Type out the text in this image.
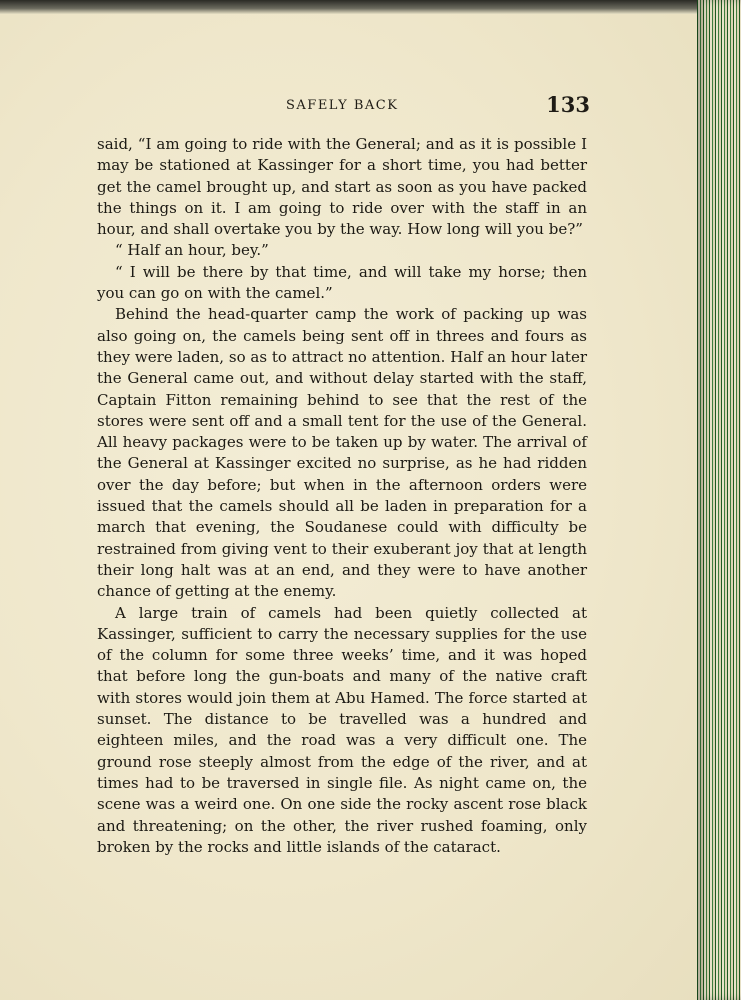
SAFELY BACK	133

said, “I am going to ride with the General; and as it is possible I may be stationed at Kassinger for a short time, you had better get the camel brought up, and start as soon as you have packed the things on it. I am going to ride over with the staff in an hour, and shall overtake you by the way. How long will you be?”

“ Half an hour, bey.”

“ I will be there by that time, and will take my horse; then you can go on with the camel.”

Behind the head-quarter camp the work of packing up was also going on, the camels being sent off in threes and fours as they were laden, so as to attract no attention. Half an hour later the General came out, and without delay started with the staff, Captain Fitton remaining behind to see that the rest of the stores were sent off and a small tent for the use of the General. All heavy packages were to be taken up by water. The arrival of the General at Kassinger excited no surprise, as he had ridden over the day before; but when in the afternoon orders were issued that the camels should all be laden in preparation for a march that evening, the Soudanese could with difficulty be restrained from giving vent to their exuberant joy that at length their long halt was at an end, and they were to have another chance of getting at the enemy.

A large train of camels had been quietly collected at Kassinger, sufficient to carry the necessary supplies for the use of the column for some three weeks’ time, and it was hoped that before long the gun-boats and many of the native craft with stores would join them at Abu Hamed. The force started at sunset. The distance to be travelled was a hundred and eighteen miles, and the road was a very difficult one. The ground rose steeply almost from the edge of the river, and at times had to be traversed in single file. As night came on, the scene was a weird one. On one side the rocky ascent rose black and threatening; on the other, the river rushed foaming, only broken by the rocks and little islands of the cataract.
